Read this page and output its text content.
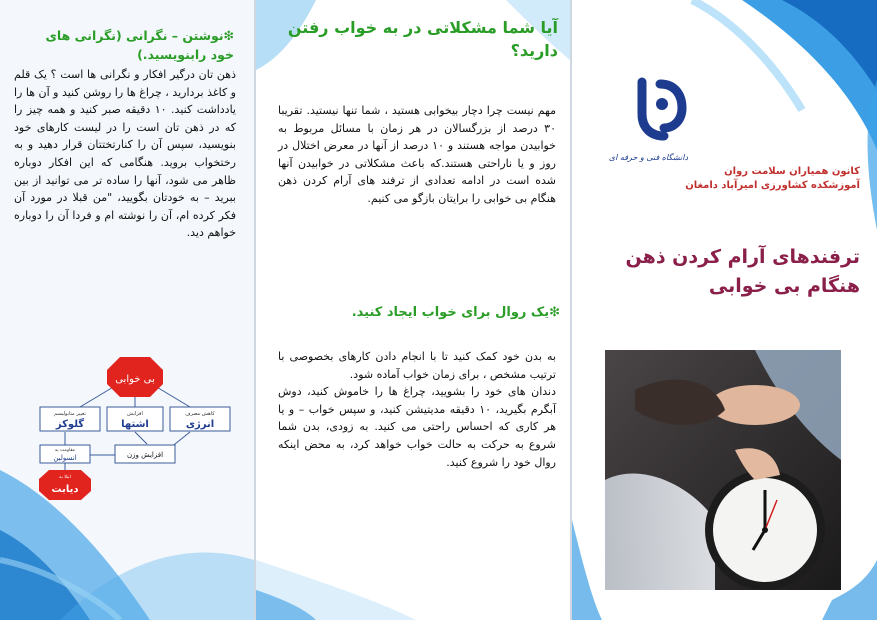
❇نوشتن – نگرانی (نگرانی های خود را‌بنویسید.)
ذهن تان درگیر افکار و نگرانی ها است ؟ یک قلم و کاغذ بردارید ، چراغ ها را روشن کنید و آن ها را یادداشت کنید. ۱۰ دقیقه صبر کنید و همه چیز را که در ذهن تان است را در لیست کارهای خود بنویسید، سپس آن را کنارتختتان قرار دهید و به رختخواب بروید. هنگامی که این افکار دوباره ظاهر می شود، آنها را ساده تر می توانید از بین ببرید – به خودتان بگویید، "من قبلا در مورد آن فکر کرده ام، آن را نوشته ام و فردا آن را دوباره خواهم دید.
بی خوابی
تغییر متابولیسم
گلوکز
افزایش
اشتها
کاهش مصرف
انرژی
افزایش وزن
مقاومت به
انسولین
ابتلا به
دیابت
آیا شما مشکلاتی در به خواب رفتن دارید؟
مهم نیست چرا دچار بیخوابی هستید ، شما تنها نیستید. تقریبا ۳۰ درصد از بزرگسالان در هر زمان با مسائل مربوط به خوابیدن مواجه هستند و ۱۰ درصد از آنها در معرض اختلال در روز و یا ناراحتی هستند.که باعث مشکلاتی در خوابیدن آنها شده است در ادامه تعدادی از ترفند های آرام کردن ذهن هنگام بی خوابی را برایتان بازگو می کنیم.
❇یک روال برای خواب ایجاد کنید.
به بدن خود کمک کنید تا با انجام دادن کارهای بخصوصی با ترتیب مشخص ، برای زمان خواب آماده شود.
دندان های خود را بشویید، چراغ ها را خاموش کنید، دوش آبگرم بگیرید، ۱۰ دقیقه مدیتیشن کنید، و سپس خواب – و یا هر کاری که احساس راحتی می کنید. به زودی، بدن شما شروع به حرکت به حالت خواب خواهد کرد، به محض اینکه روال خود را شروع کنید.
دانشگاه فنی و حرفه ای
کانون همیاران سلامت روان
آموزشکده کشاورزی امیرآباد دامغان
ترفندهای آرام کردن ذهن هنگام بی خوابی
